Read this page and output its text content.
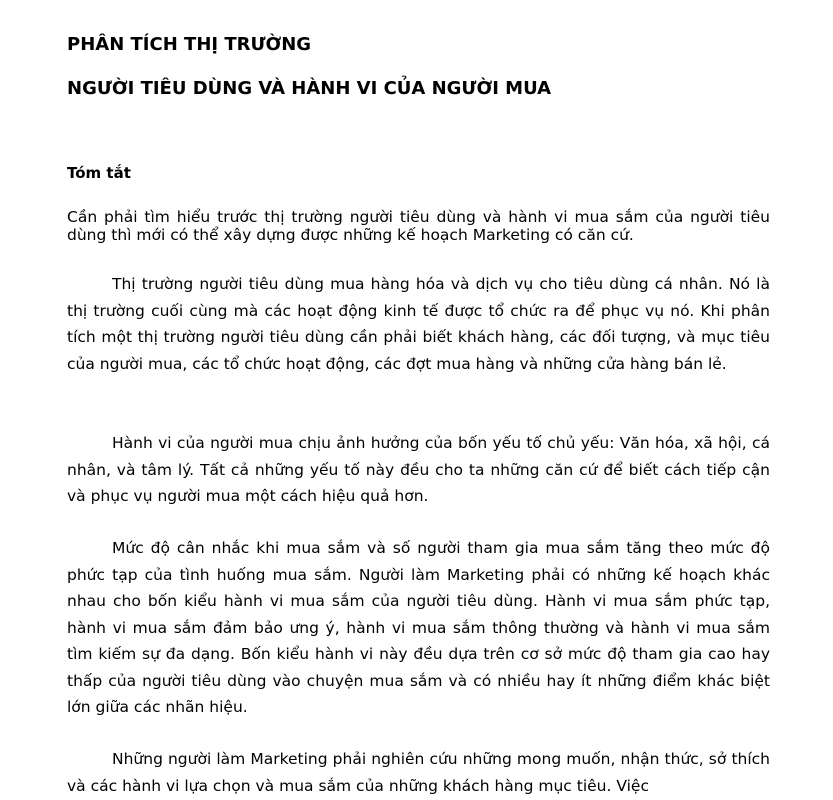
PHÂN TÍCH THỊ TRƯỜNG
NGƯỜI TIÊU DÙNG VÀ HÀNH VI CỦA NGƯỜI MUA
Tóm tắt

Cần phải tìm hiểu trước thị trường người tiêu dùng và hành vi mua sắm của người tiêu dùng thì mới có thể xây dựng được những kế hoạch Marketing có căn cứ.

Thị trường người tiêu dùng mua hàng hóa và dịch vụ cho tiêu dùng cá nhân. Nó là thị trường cuối cùng mà các hoạt động kinh tế được tổ chức ra để phục vụ nó. Khi phân tích một thị trường người tiêu dùng cần phải biết khách hàng, các đối tượng, và mục tiêu của người mua, các tổ chức hoạt động, các đợt mua hàng và những cửa hàng bán lẻ.

Hành vi của người mua chịu ảnh hưởng của bốn yếu tố chủ yếu: Văn hóa, xã hội, cá nhân, và tâm lý. Tất cả những yếu tố này đều cho ta những căn cứ để biết cách tiếp cận và phục vụ người mua một cách hiệu quả hơn.

Mức độ cân nhắc khi mua sắm và số người tham gia mua sắm tăng theo mức độ phức tạp của tình huống mua sắm. Người làm Marketing phải có những kế hoạch khác nhau cho bốn kiểu hành vi mua sắm của người tiêu dùng. Hành vi mua sắm phức tạp, hành vi mua sắm đảm bảo ưng ý, hành vi mua sắm thông thường và hành vi mua sắm tìm kiếm sự đa dạng. Bốn kiểu hành vi này đều dựa trên cơ sở mức độ tham gia cao hay thấp của người tiêu dùng vào chuyện mua sắm và có nhiều hay ít những điểm khác biệt lớn giữa các nhãn hiệu.

Những người làm Marketing phải nghiên cứu những mong muốn, nhận thức, sở thích và các hành vi lựa chọn và mua sắm của những khách hàng mục tiêu. Việc
